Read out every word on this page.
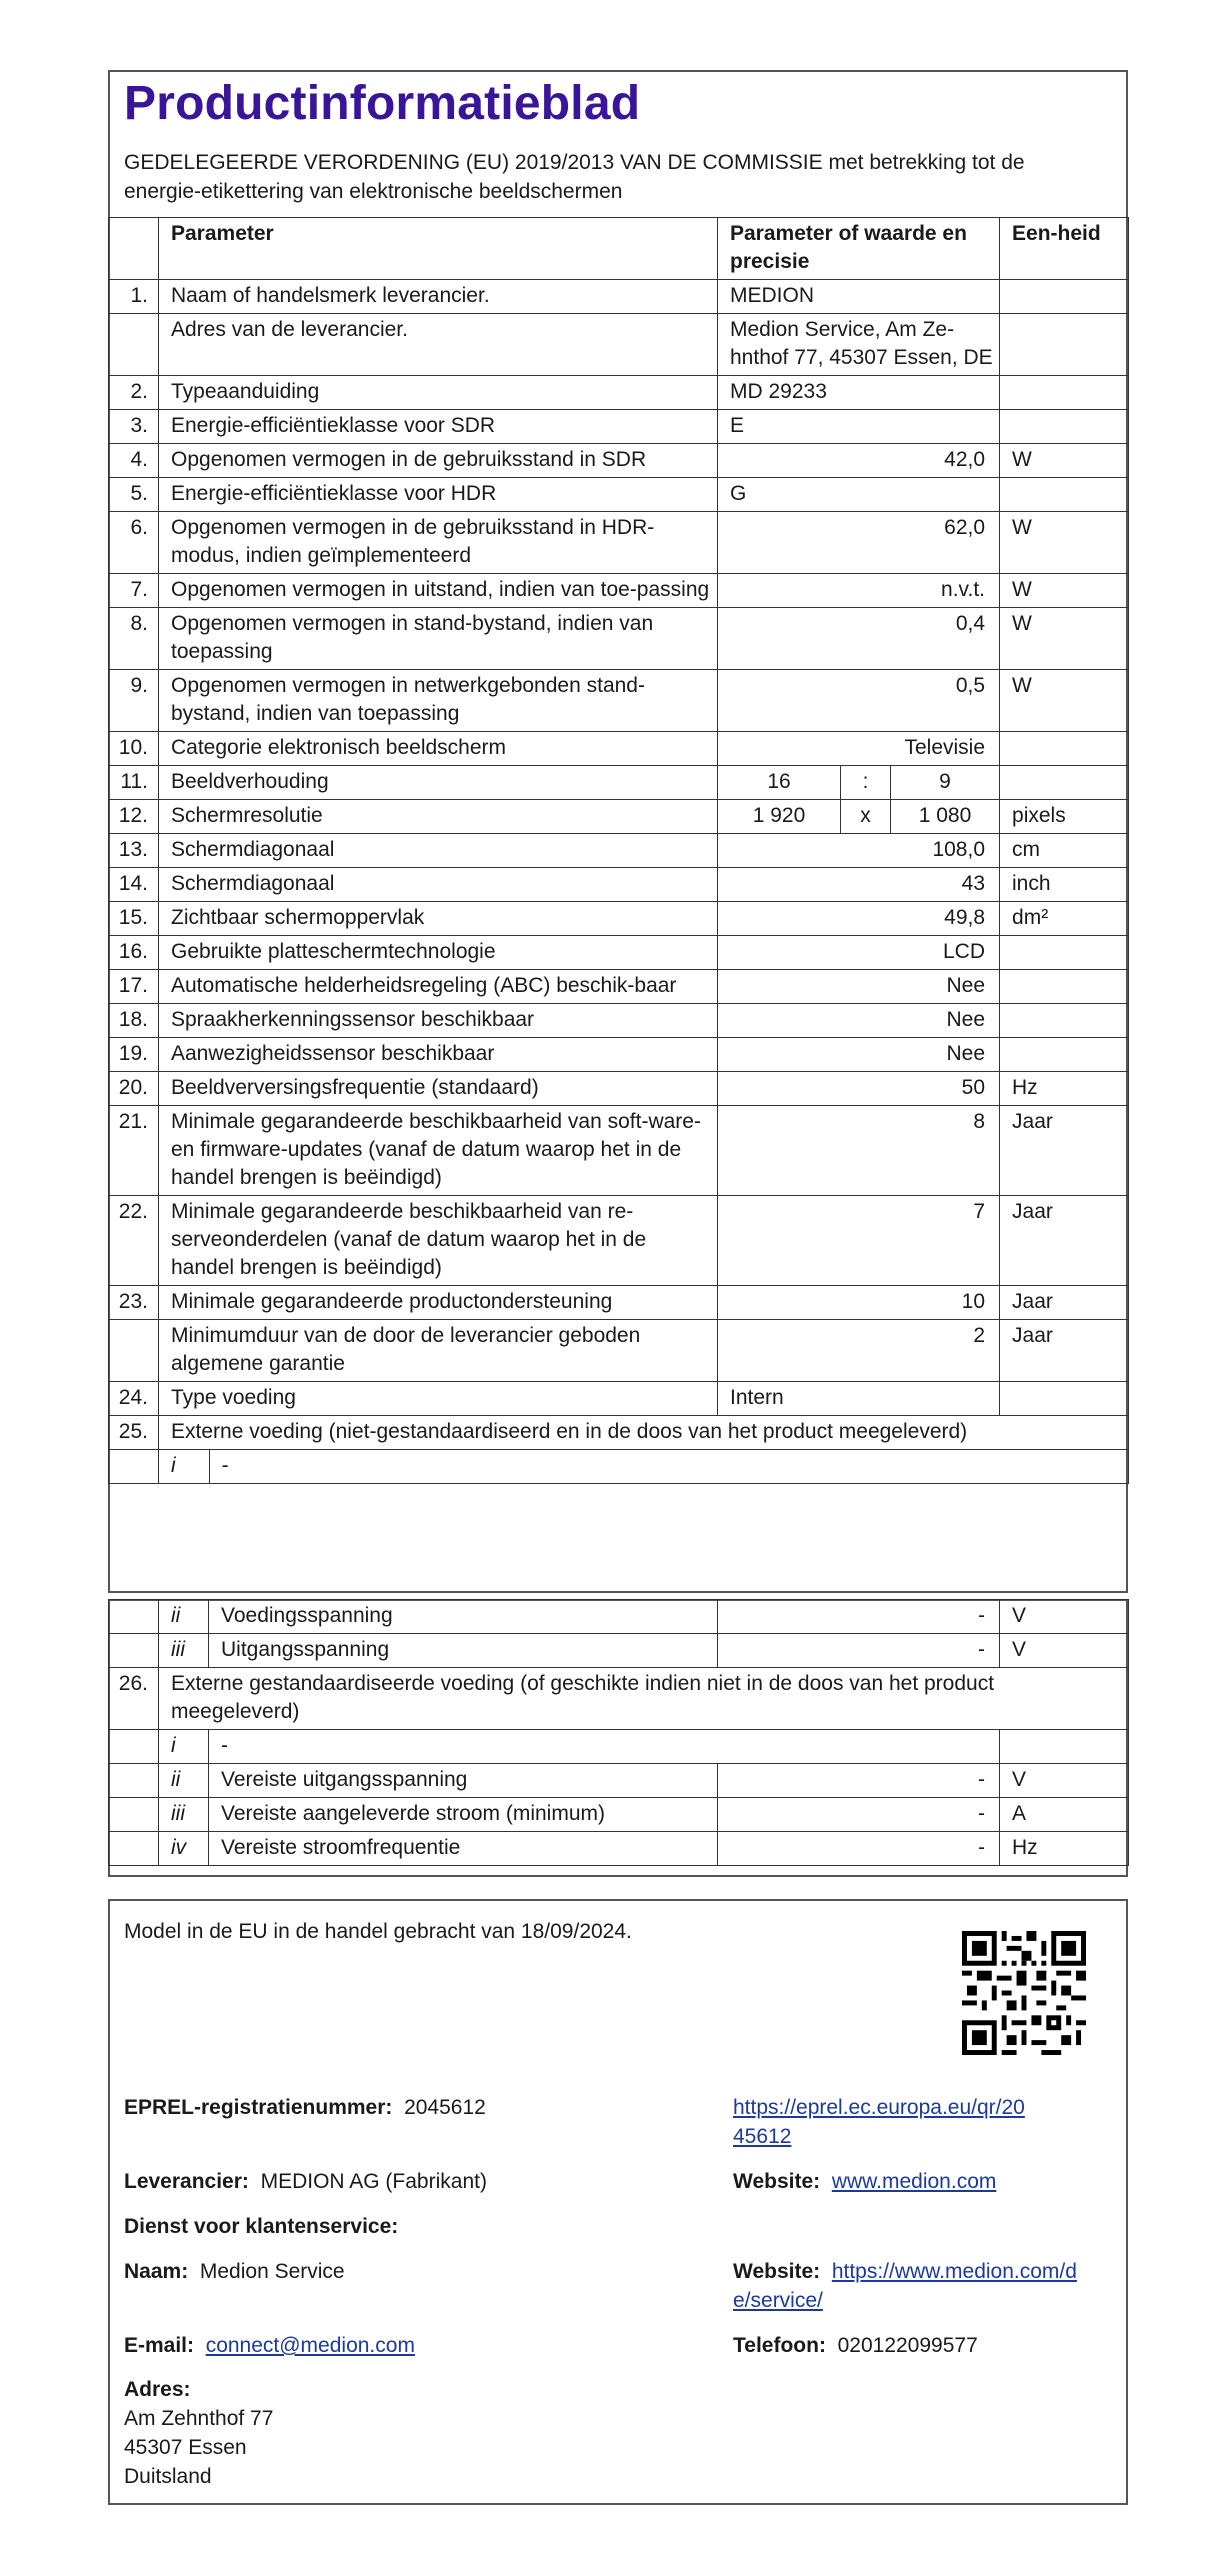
Productinformatieblad
GEDELEGEERDE VERORDENING (EU) 2019/2013 VAN DE COMMISSIE met betrekking tot de energie-etikettering van elektronische beeldschermen
	Parameter	Parameter of waarde en precisie			Een-heid
1.	Naam of handelsmerk leverancier.	MEDION			
	Adres van de leverancier.	Medion Service, Am Ze-hnthof 77, 45307 Essen, DE			
2.	Typeaanduiding	MD 29233			
3.	Energie-efficiëntieklasse voor SDR	E			
4.	Opgenomen vermogen in de gebruiksstand in SDR	42,0			W
5.	Energie-efficiëntieklasse voor HDR	G			
6.	Opgenomen vermogen in de gebruiksstand in HDR-modus, indien geïmplementeerd	62,0			W
7.	Opgenomen vermogen in uitstand, indien van toe-passing	n.v.t.			W
8.	Opgenomen vermogen in stand-bystand, indien van toepassing	0,4			W
9.	Opgenomen vermogen in netwerkgebonden stand-bystand, indien van toepassing	0,5			W
10.	Categorie elektronisch beeldscherm	Televisie			
11.	Beeldverhouding	16	:	9	
12.	Schermresolutie	1 920	x	1 080	pixels
13.	Schermdiagonaal	108,0			cm
14.	Schermdiagonaal	43			inch
15.	Zichtbaar schermoppervlak	49,8			dm²
16.	Gebruikte platteschermtechnologie	LCD			
17.	Automatische helderheidsregeling (ABC) beschik-baar	Nee			
18.	Spraakherkenningssensor beschikbaar	Nee			
19.	Aanwezigheidssensor beschikbaar	Nee			
20.	Beeldverversingsfrequentie (standaard)	50			Hz
21.	Minimale gegarandeerde beschikbaarheid van soft-ware- en firmware-updates (vanaf de datum waarop het in de handel brengen is beëindigd)	8			Jaar
22.	Minimale gegarandeerde beschikbaarheid van re-serveonderdelen (vanaf de datum waarop het in de handel brengen is beëindigd)	7			Jaar
23.	Minimale gegarandeerde productondersteuning	10			Jaar
	Minimumduur van de door de leverancier geboden algemene garantie	2			Jaar
24.	Type voeding	Intern			
25.	Externe voeding (niet-gestandaardiseerd en in de doos van het product meegeleverd)				
	i -				
	ii	Voedingsspanning	-	V
	iii	Uitgangsspanning	-	V
26.	Externe gestandaardiseerde voeding (of geschikte indien niet in de doos van het product meegeleverd)			
	i	-		
	ii	Vereiste uitgangsspanning	-	V
	iii	Vereiste aangeleverde stroom (minimum)	-	A
	iv	Vereiste stroomfrequentie	-	Hz
Model in de EU in de handel gebracht van 18/09/2024.
EPREL-registratienummer: 2045612	https://eprel.ec.europa.eu/qr/20
45612
Leverancier: MEDION AG (Fabrikant)	Website: www.medion.com
Dienst voor klantenservice:
Naam: Medion Service	Website: https://www.medion.com/d
e/service/
E-mail: connect@medion.com	Telefoon: 020122099577
Adres:
Am Zehnthof 77
45307 Essen
Duitsland
